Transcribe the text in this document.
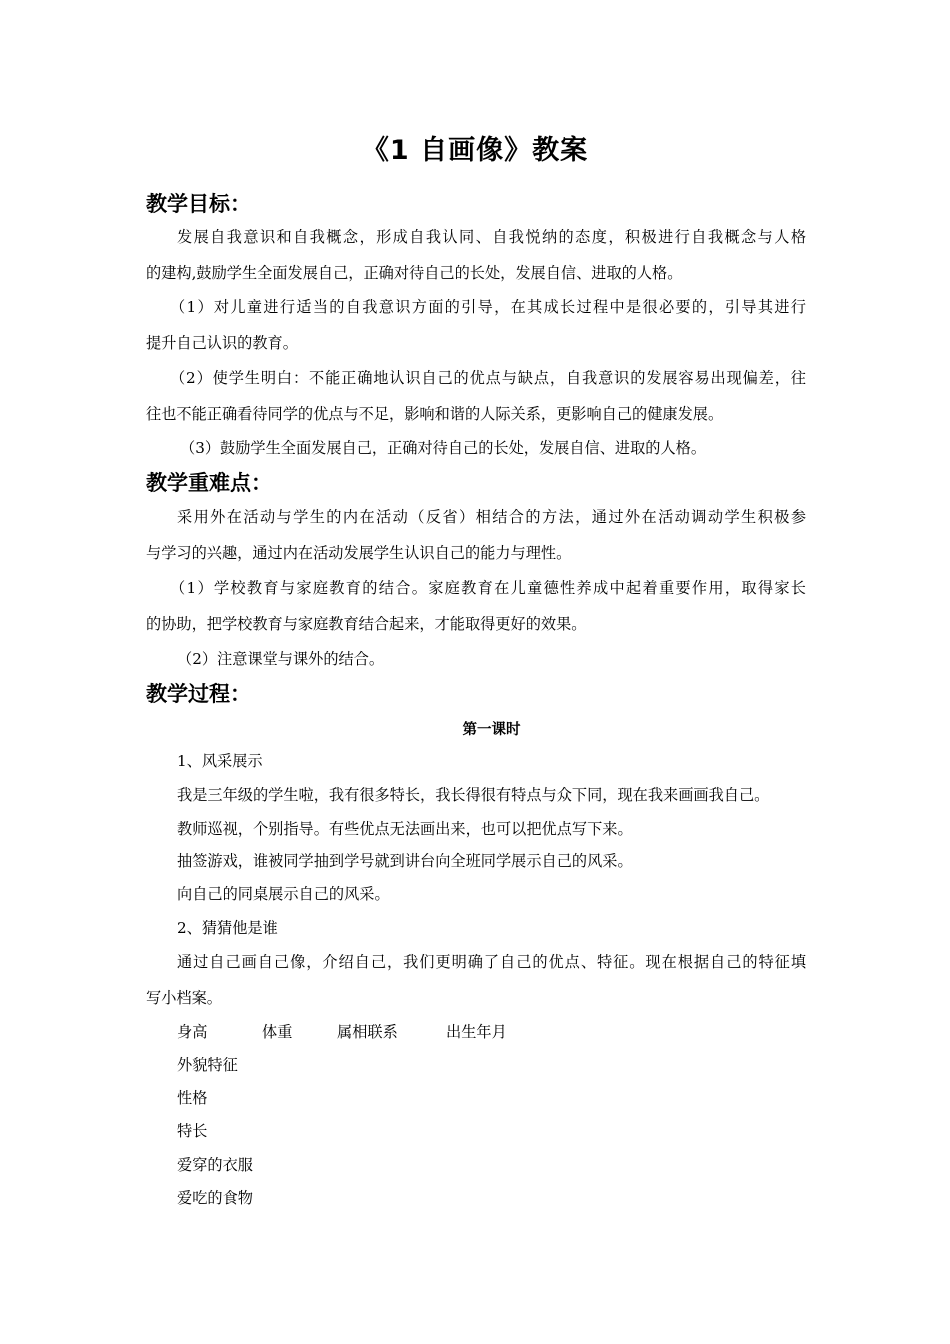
《1 自画像》教案
教学目标：
发展自我意识和自我概念，形成自我认同、自我悦纳的态度，积极进行自我概念与人格
的建构,鼓励学生全面发展自己，正确对待自己的长处，发展自信、进取的人格。
（1）对儿童进行适当的自我意识方面的引导，在其成长过程中是很必要的，引导其进行
提升自己认识的教育。
（2）使学生明白：不能正确地认识自己的优点与缺点，自我意识的发展容易出现偏差，往
往也不能正确看待同学的优点与不足，影响和谐的人际关系，更影响自己的健康发展。
（3）鼓励学生全面发展自己，正确对待自己的长处，发展自信、进取的人格。
教学重难点：
采用外在活动与学生的内在活动（反省）相结合的方法，通过外在活动调动学生积极参
与学习的兴趣，通过内在活动发展学生认识自己的能力与理性。
（1）学校教育与家庭教育的结合。家庭教育在儿童德性养成中起着重要作用，取得家长
的协助，把学校教育与家庭教育结合起来，才能取得更好的效果。
（2）注意课堂与课外的结合。
教学过程：
第一课时
1、风采展示
我是三年级的学生啦，我有很多特长，我长得很有特点与众下同，现在我来画画我自己。
教师巡视，个别指导。有些优点无法画出来，也可以把优点写下来。
抽签游戏，谁被同学抽到学号就到讲台向全班同学展示自己的风采。
向自己的同桌展示自己的风采。
2、猜猜他是谁
通过自己画自己像，介绍自己，我们更明确了自己的优点、特征。现在根据自己的特征填
写小档案。
身高	体重	属相联系	出生年月
外貌特征
性格
特长
爱穿的衣服
爱吃的食物
